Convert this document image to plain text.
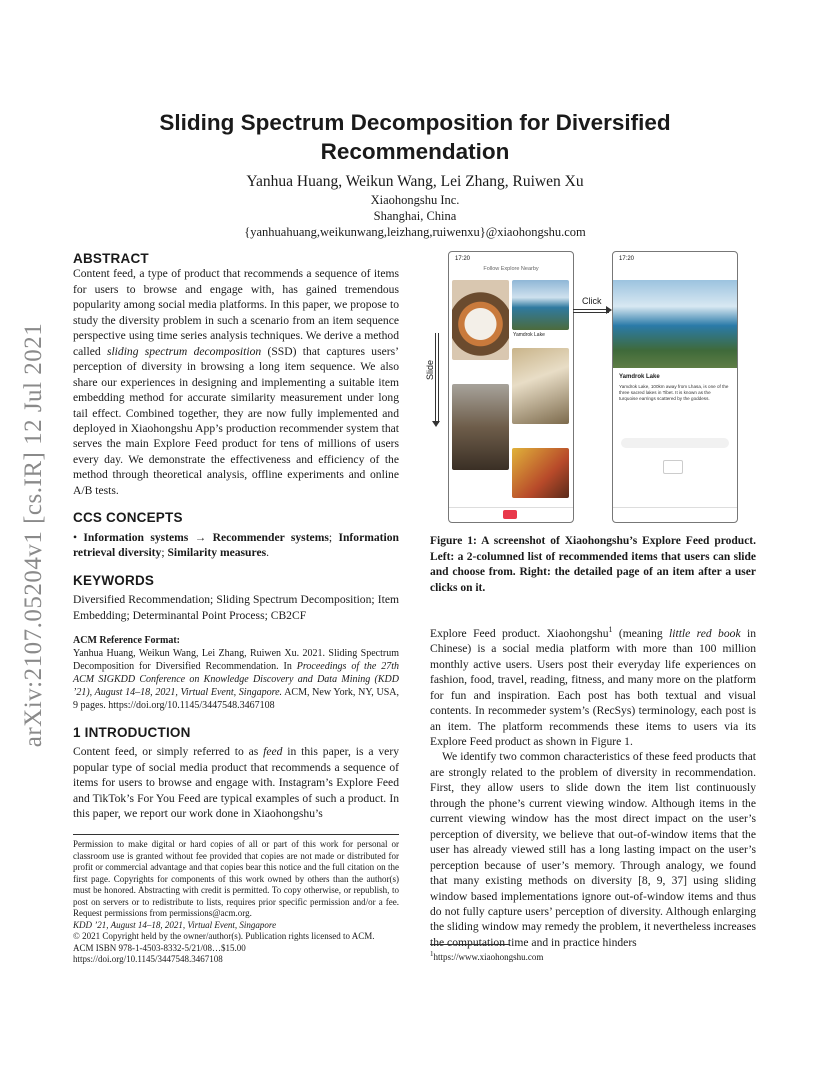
arXiv:2107.05204v1 [cs.IR] 12 Jul 2021
Sliding Spectrum Decomposition for Diversified
Recommendation
Yanhua Huang, Weikun Wang, Lei Zhang, Ruiwen Xu
Xiaohongshu Inc.
Shanghai, China
{yanhuahuang,weikunwang,leizhang,ruiwenxu}@xiaohongshu.com

ABSTRACT

Content feed, a type of product that recommends a sequence of items for users to browse and engage with, has gained tremendous popularity among social media platforms. In this paper, we propose to study the diversity problem in such a scenario from an item sequence perspective using time series analysis techniques. We derive a method called sliding spectrum decomposition (SSD) that captures users’ perception of diversity in browsing a long item sequence. We also share our experiences in designing and implementing a suitable item embedding method for accurate similarity measurement under long tail effect. Combined together, they are now fully implemented and deployed in Xiaohongshu App’s production recommender system that serves the main Explore Feed product for tens of millions of users every day. We demonstrate the effectiveness and efficiency of the method through theoretical analysis, offline experiments and online A/B tests.

CCS CONCEPTS

• Information systems → Recommender systems; Information retrieval diversity; Similarity measures.

KEYWORDS

Diversified Recommendation; Sliding Spectrum Decomposition; Item Embedding; Determinantal Point Process; CB2CF

ACM Reference Format:

Yanhua Huang, Weikun Wang, Lei Zhang, Ruiwen Xu. 2021. Sliding Spectrum Decomposition for Diversified Recommendation. In Proceedings of the 27th ACM SIGKDD Conference on Knowledge Discovery and Data Mining (KDD ’21), August 14–18, 2021, Virtual Event, Singapore. ACM, New York, NY, USA, 9 pages. https://doi.org/10.1145/3447548.3467108

1 INTRODUCTION

Content feed, or simply referred to as feed in this paper, is a very popular type of social media product that recommends a sequence of items for users to browse and engage with. Instagram’s Explore Feed and TikTok’s For You Feed are typical examples of such a product. In this paper, we report our work done in Xiaohongshu’s

Permission to make digital or hard copies of all or part of this work for personal or classroom use is granted without fee provided that copies are not made or distributed for profit or commercial advantage and that copies bear this notice and the full citation on the first page. Copyrights for components of this work owned by others than the author(s) must be honored. Abstracting with credit is permitted. To copy otherwise, or republish, to post on servers or to redistribute to lists, requires prior specific permission and/or a fee. Request permissions from permissions@acm.org.
KDD ’21, August 14–18, 2021, Virtual Event, Singapore
© 2021 Copyright held by the owner/author(s). Publication rights licensed to ACM.
ACM ISBN 978-1-4503-8332-5/21/08…$15.00
https://doi.org/10.1145/3447548.3467108
17:20
Follow Explore Nearby
Yamdrok Lake
17:20
Yamdrok Lake
Yamdrok Lake, 100km away from Lhasa, is one of the three sacred lakes in Tibet. It is known as the turquoise earrings scattered by the goddess.
Click
Slide
Figure 1: A screenshot of Xiaohongshu’s Explore Feed product. Left: a 2-columned list of recommended items that users can slide and choose from. Right: the detailed page of an item after a user clicks on it.

Explore Feed product. Xiaohongshu$^1$ (meaning little red book in Chinese) is a social media platform with more than 100 million monthly active users. Users post their everyday life experiences on fashion, food, travel, reading, fitness, and many more on the platform for fun and inspiration. Each post has both textual and visual contents. In recommeder system’s (RecSys) terminology, each post is an item. The platform recommends these items to users via its Explore Feed product as shown in Figure 1.

We identify two common characteristics of these feed products that are strongly related to the problem of diversity in recommendation. First, they allow users to slide down the item list continuously through the phone’s current viewing window. Although items in the current viewing window has the most direct impact on the user’s perception of diversity, we believe that out-of-window items that the user has already viewed still has a long lasting impact on the user’s perception because of user’s memory. Through analogy, we found that many existing methods on diversity [8, 9, 37] using sliding window based implementations ignore out-of-window items and thus do not fully capture users’ perception of diversity. Although enlarging the sliding window may remedy the problem, it nevertheless increases the computation time and in practice hinders

$^1$https://www.xiaohongshu.com
